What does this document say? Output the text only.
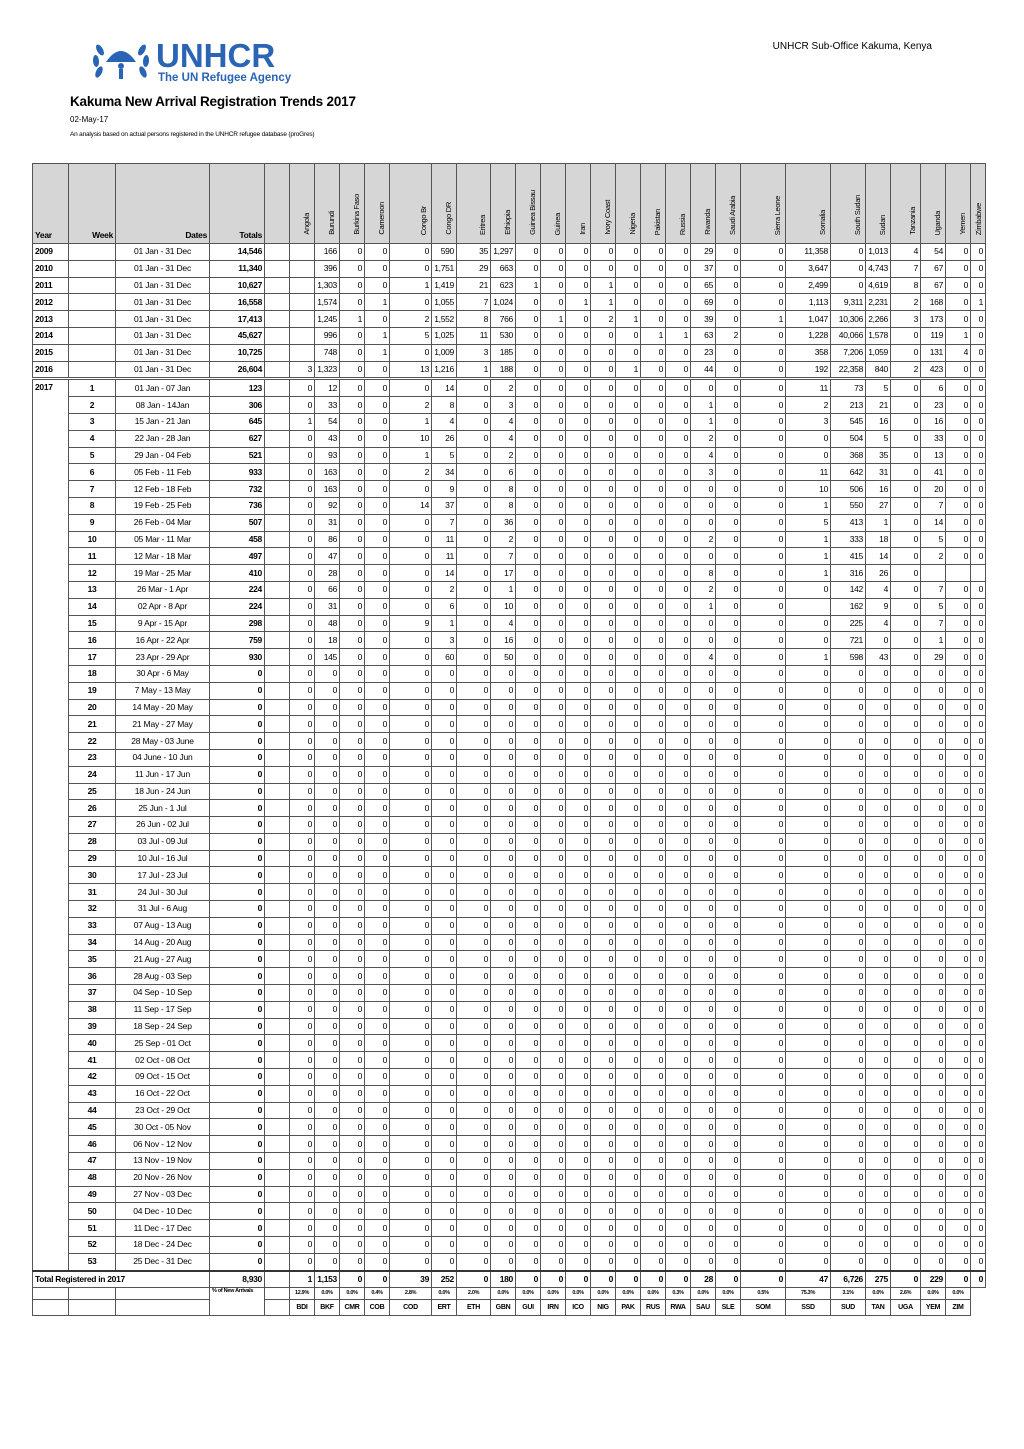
UNHCR
The UN Refugee Agency
UNHCR Sub-Office Kakuma, Kenya
Kakuma New Arrival Registration Trends 2017
02-May-17
An analysis based on actual persons registered in the UNHCR refugee database (proGres)
Year	Week	Dates	Totals		Angola	Burundi	Burkina Faso	Cameroon	Congo Br	Congo DR	Eritrea	Ethiopia	Guinea Bissau	Guinea	Iran	Ivory Coast	Nigeria	Pakistan	Russia	Rwanda	Saudi Arabia	Sierra Leone	Somalia	South Sudan	Sudan	Tanzania	Uganda	Yemen	Zimbabwe
2009		01 Jan - 31 Dec	14,546			166	0	0	0	590	35	1,297	0	0	0	0	0	0	0	29	0	0	11,358	0	1,013	4	54	0	0
2010		01 Jan - 31 Dec	11,340			396	0	0	0	1,751	29	663	0	0	0	0	0	0	0	37	0	0	3,647	0	4,743	7	67	0	0
2011		01 Jan - 31 Dec	10,627			1,303	0	0	1	1,419	21	623	1	0	0	1	0	0	0	65	0	0	2,499	0	4,619	8	67	0	0
2012		01 Jan - 31 Dec	16,558			1,574	0	1	0	1,055	7	1,024	0	0	1	1	0	0	0	69	0	0	1,113	9,311	2,231	2	168	0	1
2013		01 Jan - 31 Dec	17,413			1,245	1	0	2	1,552	8	766	0	1	0	2	1	0	0	39	0	1	1,047	10,306	2,266	3	173	0	0
2014		01 Jan - 31 Dec	45,627			996	0	1	5	1,025	11	530	0	0	0	0	0	1	1	63	2	0	1,228	40,066	1,578	0	119	1	0
2015		01 Jan - 31 Dec	10,725			748	0	1	0	1,009	3	185	0	0	0	0	0	0	0	23	0	0	358	7,206	1,059	0	131	4	0
2016		01 Jan - 31 Dec	26,604		3	1,323	0	0	13	1,216	1	188	0	0	0	0	1	0	0	44	0	0	192	22,358	840	2	423	0	0
2017	1	01 Jan - 07 Jan	123		0	12	0	0	0	14	0	2	0	0	0	0	0	0	0	0	0	0	11	73	5	0	6	0	0
	2	08 Jan - 14Jan	306		0	33	0	0	2	8	0	3	0	0	0	0	0	0	0	1	0	0	2	213	21	0	23	0	0
	3	15 Jan - 21 Jan	645		1	54	0	0	1	4	0	4	0	0	0	0	0	0	0	1	0	0	3	545	16	0	16	0	0
	4	22 Jan - 28 Jan	627		0	43	0	0	10	26	0	4	0	0	0	0	0	0	0	2	0	0	0	504	5	0	33	0	0
	5	29 Jan - 04 Feb	521		0	93	0	0	1	5	0	2	0	0	0	0	0	0	0	4	0	0	0	368	35	0	13	0	0
	6	05 Feb - 11 Feb	933		0	163	0	0	2	34	0	6	0	0	0	0	0	0	0	3	0	0	11	642	31	0	41	0	0
	7	12 Feb - 18 Feb	732		0	163	0	0	0	9	0	8	0	0	0	0	0	0	0	0	0	0	10	506	16	0	20	0	0
	8	19 Feb - 25 Feb	736		0	92	0	0	14	37	0	8	0	0	0	0	0	0	0	0	0	0	1	550	27	0	7	0	0
	9	26 Feb - 04 Mar	507		0	31	0	0	0	7	0	36	0	0	0	0	0	0	0	0	0	0	5	413	1	0	14	0	0
	10	05 Mar - 11 Mar	458		0	86	0	0	0	11	0	2	0	0	0	0	0	0	0	2	0	0	1	333	18	0	5	0	0
	11	12 Mar - 18 Mar	497		0	47	0	0	0	11	0	7	0	0	0	0	0	0	0	0	0	0	1	415	14	0	2	0	0
	12	19 Mar - 25 Mar	410		0	28	0	0	0	14	0	17	0	0	0	0	0	0	0	8	0	0	1	316	26	0			
	13	26 Mar - 1 Apr	224		0	66	0	0	0	2	0	1	0	0	0	0	0	0	0	2	0	0	0	142	4	0	7	0	0
	14	02 Apr - 8 Apr	224		0	31	0	0	0	6	0	10	0	0	0	0	0	0	0	1	0	0		162	9	0	5	0	0
	15	9 Apr - 15 Apr	298		0	48	0	0	9	1	0	4	0	0	0	0	0	0	0	0	0	0	0	225	4	0	7	0	0
	16	16 Apr - 22 Apr	759		0	18	0	0	0	3	0	16	0	0	0	0	0	0	0	0	0	0	0	721	0	0	1	0	0
	17	23 Apr - 29 Apr	930		0	145	0	0	0	60	0	50	0	0	0	0	0	0	0	4	0	0	1	598	43	0	29	0	0
	18	30 Apr - 6 May	0		0	0	0	0	0	0	0	0	0	0	0	0	0	0	0	0	0	0	0	0	0	0	0	0	0
	19	7 May - 13 May	0		0	0	0	0	0	0	0	0	0	0	0	0	0	0	0	0	0	0	0	0	0	0	0	0	0
	20	14 May - 20 May	0		0	0	0	0	0	0	0	0	0	0	0	0	0	0	0	0	0	0	0	0	0	0	0	0	0
	21	21 May - 27 May	0		0	0	0	0	0	0	0	0	0	0	0	0	0	0	0	0	0	0	0	0	0	0	0	0	0
	22	28 May - 03 June	0		0	0	0	0	0	0	0	0	0	0	0	0	0	0	0	0	0	0	0	0	0	0	0	0	0
	23	04 June - 10 Jun	0		0	0	0	0	0	0	0	0	0	0	0	0	0	0	0	0	0	0	0	0	0	0	0	0	0
	24	11 Jun - 17 Jun	0		0	0	0	0	0	0	0	0	0	0	0	0	0	0	0	0	0	0	0	0	0	0	0	0	0
	25	18 Jun - 24 Jun	0		0	0	0	0	0	0	0	0	0	0	0	0	0	0	0	0	0	0	0	0	0	0	0	0	0
	26	25 Jun - 1 Jul	0		0	0	0	0	0	0	0	0	0	0	0	0	0	0	0	0	0	0	0	0	0	0	0	0	0
	27	26 Jun - 02 Jul	0		0	0	0	0	0	0	0	0	0	0	0	0	0	0	0	0	0	0	0	0	0	0	0	0	0
	28	03 Jul - 09 Jul	0		0	0	0	0	0	0	0	0	0	0	0	0	0	0	0	0	0	0	0	0	0	0	0	0	0
	29	10 Jul - 16 Jul	0		0	0	0	0	0	0	0	0	0	0	0	0	0	0	0	0	0	0	0	0	0	0	0	0	0
	30	17 Jul - 23 Jul	0		0	0	0	0	0	0	0	0	0	0	0	0	0	0	0	0	0	0	0	0	0	0	0	0	0
	31	24 Jul - 30 Jul	0		0	0	0	0	0	0	0	0	0	0	0	0	0	0	0	0	0	0	0	0	0	0	0	0	0
	32	31 Jul - 6 Aug	0		0	0	0	0	0	0	0	0	0	0	0	0	0	0	0	0	0	0	0	0	0	0	0	0	0
	33	07 Aug - 13 Aug	0		0	0	0	0	0	0	0	0	0	0	0	0	0	0	0	0	0	0	0	0	0	0	0	0	0
	34	14 Aug - 20 Aug	0		0	0	0	0	0	0	0	0	0	0	0	0	0	0	0	0	0	0	0	0	0	0	0	0	0
	35	21 Aug - 27 Aug	0		0	0	0	0	0	0	0	0	0	0	0	0	0	0	0	0	0	0	0	0	0	0	0	0	0
	36	28 Aug - 03 Sep	0		0	0	0	0	0	0	0	0	0	0	0	0	0	0	0	0	0	0	0	0	0	0	0	0	0
	37	04 Sep - 10 Sep	0		0	0	0	0	0	0	0	0	0	0	0	0	0	0	0	0	0	0	0	0	0	0	0	0	0
	38	11 Sep - 17 Sep	0		0	0	0	0	0	0	0	0	0	0	0	0	0	0	0	0	0	0	0	0	0	0	0	0	0
	39	18 Sep - 24 Sep	0		0	0	0	0	0	0	0	0	0	0	0	0	0	0	0	0	0	0	0	0	0	0	0	0	0
	40	25 Sep - 01 Oct	0		0	0	0	0	0	0	0	0	0	0	0	0	0	0	0	0	0	0	0	0	0	0	0	0	0
	41	02 Oct - 08 Oct	0		0	0	0	0	0	0	0	0	0	0	0	0	0	0	0	0	0	0	0	0	0	0	0	0	0
	42	09 Oct - 15 Oct	0		0	0	0	0	0	0	0	0	0	0	0	0	0	0	0	0	0	0	0	0	0	0	0	0	0
	43	16 Oct - 22 Oct	0		0	0	0	0	0	0	0	0	0	0	0	0	0	0	0	0	0	0	0	0	0	0	0	0	0
	44	23 Oct - 29 Oct	0		0	0	0	0	0	0	0	0	0	0	0	0	0	0	0	0	0	0	0	0	0	0	0	0	0
	45	30 Oct - 05 Nov	0		0	0	0	0	0	0	0	0	0	0	0	0	0	0	0	0	0	0	0	0	0	0	0	0	0
	46	06 Nov - 12 Nov	0		0	0	0	0	0	0	0	0	0	0	0	0	0	0	0	0	0	0	0	0	0	0	0	0	0
	47	13 Nov - 19 Nov	0		0	0	0	0	0	0	0	0	0	0	0	0	0	0	0	0	0	0	0	0	0	0	0	0	0
	48	20 Nov - 26 Nov	0		0	0	0	0	0	0	0	0	0	0	0	0	0	0	0	0	0	0	0	0	0	0	0	0	0
	49	27 Nov - 03 Dec	0		0	0	0	0	0	0	0	0	0	0	0	0	0	0	0	0	0	0	0	0	0	0	0	0	0
	50	04 Dec - 10 Dec	0		0	0	0	0	0	0	0	0	0	0	0	0	0	0	0	0	0	0	0	0	0	0	0	0	0
	51	11 Dec - 17 Dec	0		0	0	0	0	0	0	0	0	0	0	0	0	0	0	0	0	0	0	0	0	0	0	0	0	0
	52	18 Dec - 24 Dec	0		0	0	0	0	0	0	0	0	0	0	0	0	0	0	0	0	0	0	0	0	0	0	0	0	0
	53	25 Dec - 31 Dec	0		0	0	0	0	0	0	0	0	0	0	0	0	0	0	0	0	0	0	0	0	0	0	0	0	0
Total Registered in 2017			8,930		1	1,153	0	0	39	252	0	180	0	0	0	0	0	0	0	28	0	0	47	6,726	275	0	229	0	0
			% of New Arrivals		12.9%	0.0%	0.0%	0.4%	2.8%	0.0%	2.0%	0.0%	0.0%	0.0%	0.0%	0.0%	0.0%	0.0%	0.3%	0.0%	0.0%	0.5%	75.3%	3.1%	0.0%	2.6%	0.0%	0.0%	
					BDI	BKF	CMR	COB	COD	ERT	ETH	GBN	GUI	IRN	ICO	NIG	PAK	RUS	RWA	SAU	SLE	SOM	SSD	SUD	TAN	UGA	YEM	ZIM	
